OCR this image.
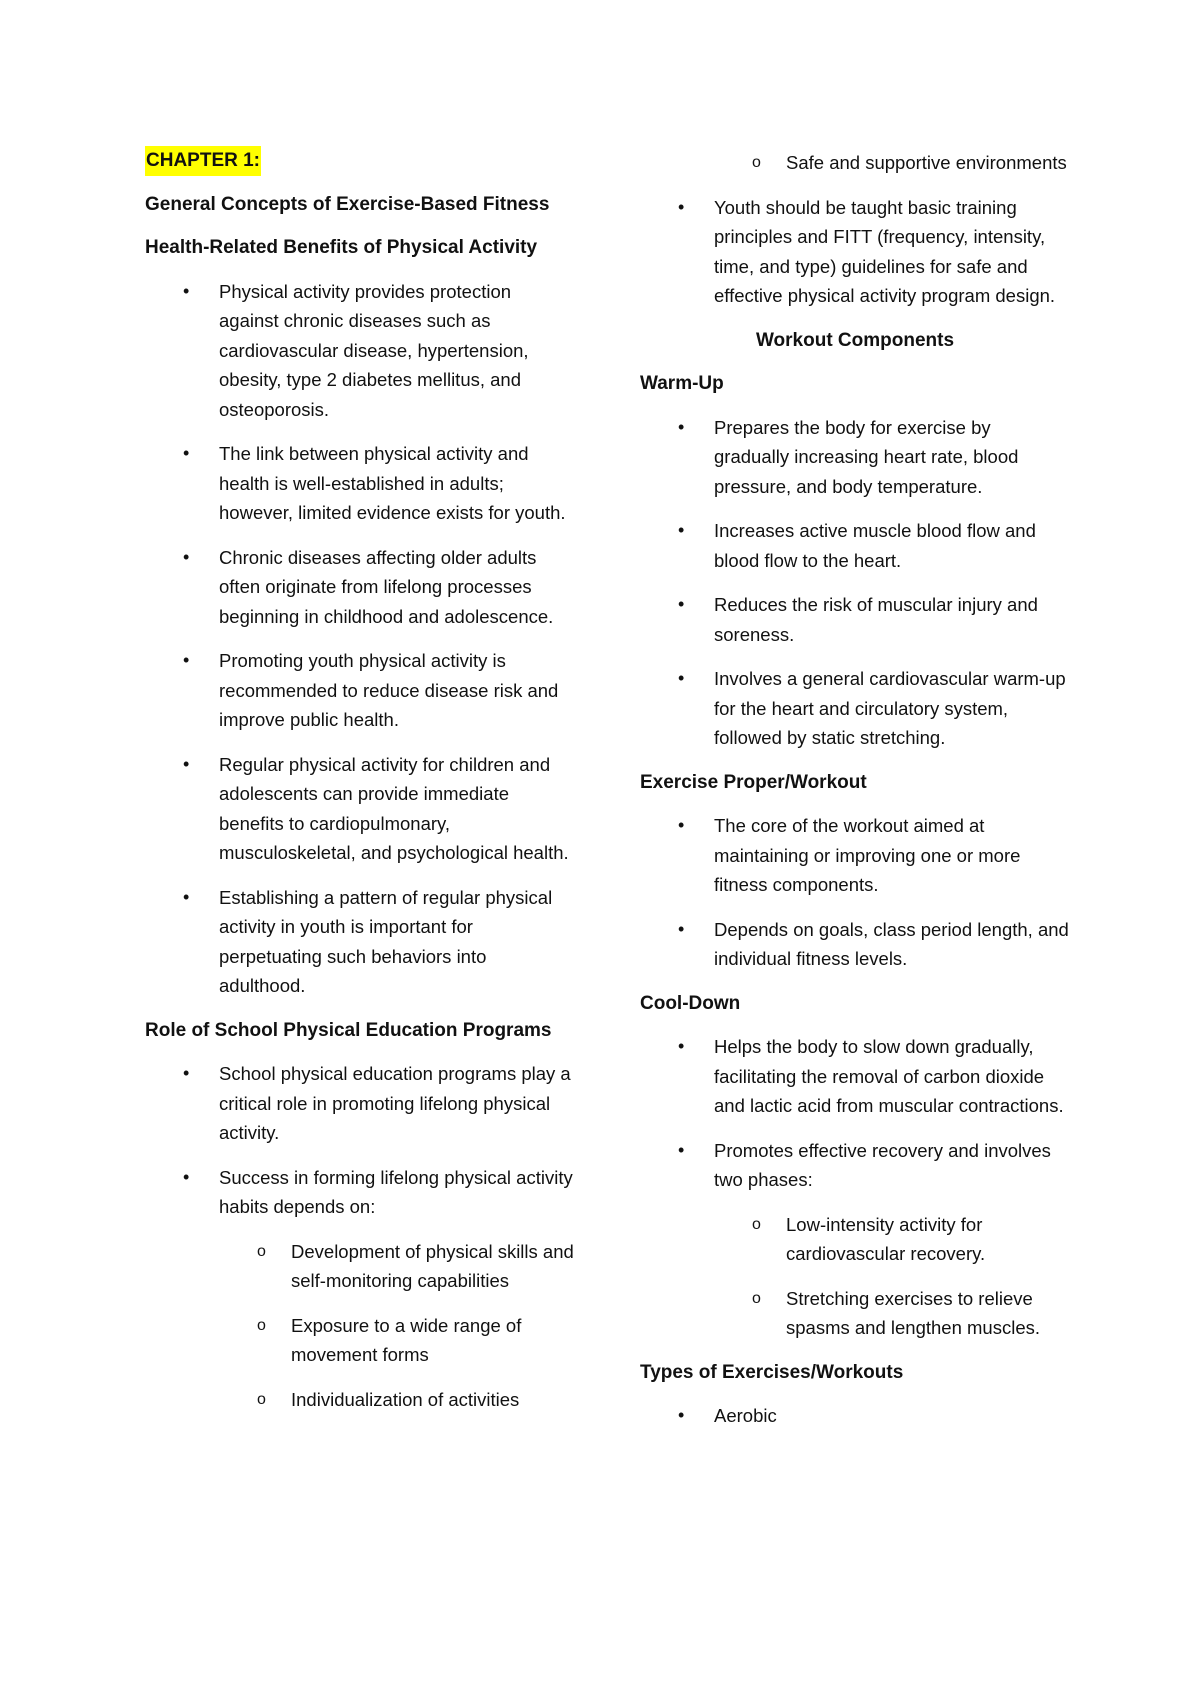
CHAPTER 1:
General Concepts of Exercise-Based Fitness
Health-Related Benefits of Physical Activity
• Physical activity provides protection against chronic diseases such as cardiovascular disease, hypertension, obesity, type 2 diabetes mellitus, and osteoporosis.
• The link between physical activity and health is well-established in adults; however, limited evidence exists for youth.
• Chronic diseases affecting older adults often originate from lifelong processes beginning in childhood and adolescence.
• Promoting youth physical activity is recommended to reduce disease risk and improve public health.
• Regular physical activity for children and adolescents can provide immediate benefits to cardiopulmonary, musculoskeletal, and psychological health.
• Establishing a pattern of regular physical activity in youth is important for perpetuating such behaviors into adulthood.
Role of School Physical Education Programs
• School physical education programs play a critical role in promoting lifelong physical activity.
• Success in forming lifelong physical activity habits depends on:
o Development of physical skills and self-monitoring capabilities
o Exposure to a wide range of movement forms
o Individualization of activities
o Safe and supportive environments
• Youth should be taught basic training principles and FITT (frequency, intensity, time, and type) guidelines for safe and effective physical activity program design.
Workout Components
Warm-Up
• Prepares the body for exercise by gradually increasing heart rate, blood pressure, and body temperature.
• Increases active muscle blood flow and blood flow to the heart.
• Reduces the risk of muscular injury and soreness.
• Involves a general cardiovascular warm-up for the heart and circulatory system, followed by static stretching.
Exercise Proper/Workout
• The core of the workout aimed at maintaining or improving one or more fitness components.
• Depends on goals, class period length, and individual fitness levels.
Cool-Down
• Helps the body to slow down gradually, facilitating the removal of carbon dioxide and lactic acid from muscular contractions.
• Promotes effective recovery and involves two phases:
o Low-intensity activity for cardiovascular recovery.
o Stretching exercises to relieve spasms and lengthen muscles.
Types of Exercises/Workouts
• Aerobic
